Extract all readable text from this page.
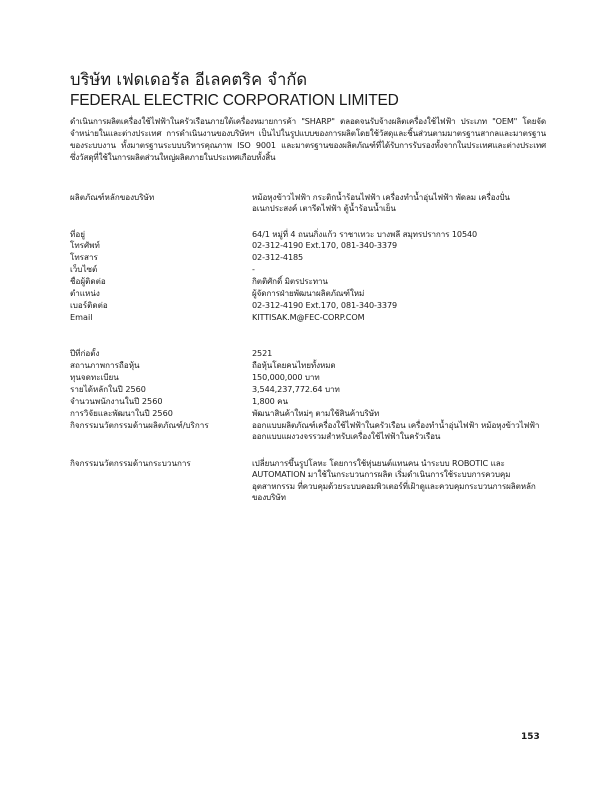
บริษัท เฟดเดอรัล อีเลคตริค จำกัด
FEDERAL ELECTRIC CORPORATION LIMITED
ดำเนินการผลิตเครื่องใช้ไฟฟ้าในครัวเรือนภายใต้เครื่องหมายการค้า "SHARP" ตลอดจนรับจ้างผลิตเครื่องใช้ไฟฟ้า ประเภท "OEM" โดยจัดจำหน่ายในและต่างประเทศ การดำเนินงานของบริษัทฯ เป็นไปในรูปแบบของการผลิตโดยใช้วัสดุและชิ้นส่วนตามมาตรฐานสากลและมาตรฐานของระบบงาน ทั้งมาตรฐานระบบบริหารคุณภาพ ISO 9001 และมาตรฐานของผลิตภัณฑ์ที่ได้รับการรับรองทั้งจากในประเทศและต่างประเทศ ซึ่งวัสดุที่ใช้ในการผลิตส่วนใหญ่ผลิตภายในประเทศเกือบทั้งสิ้น
ผลิตภัณฑ์หลักของบริษัท	หม้อหุงข้าวไฟฟ้า กระติกน้ำร้อนไฟฟ้า เครื่องทำน้ำอุ่นไฟฟ้า พัดลม เครื่องปั่นอเนกประสงค์ เตารีดไฟฟ้า ตู้น้ำร้อนน้ำเย็น
ที่อยู่	64/1 หมู่ที่ 4 ถนนกิ่งแก้ว ราชาเทวะ บางพลี สมุทรปราการ 10540
โทรศัพท์	02-312-4190 Ext.170, 081-340-3379
โทรสาร	02-312-4185
เว็บไซต์	-
ชื่อผู้ติดต่อ	กิตติศักดิ์ มิตรประทาน
ตำแหน่ง	ผู้จัดการฝ่ายพัฒนาผลิตภัณฑ์ใหม่
เบอร์ติดต่อ	02-312-4190 Ext.170, 081-340-3379
Email	KITTISAK.M@FEC-CORP.COM
ปีที่ก่อตั้ง	2521
สถานภาพการถือหุ้น	ถือหุ้นโดยคนไทยทั้งหมด
ทุนจดทะเบียน	150,000,000 บาท
รายได้หลักในปี 2560	3,544,237,772.64 บาท
จำนวนพนักงานในปี 2560	1,800 คน
การวิจัยและพัฒนาในปี 2560	พัฒนาสินค้าใหม่ๆ ตามใช้สินค้าบริษัท
กิจกรรมนวัตกรรมด้านผลิตภัณฑ์/บริการ	ออกแบบผลิตภัณฑ์เครื่องใช้ไฟฟ้าในครัวเรือน เครื่องทำน้ำอุ่นไฟฟ้า หม้อหุงข้าวไฟฟ้า ออกแบบแผงวงจรรวมสำหรับเครื่องใช้ไฟฟ้าในครัวเรือน
กิจกรรมนวัตกรรมด้านกระบวนการ	เปลี่ยนการขึ้นรูปโลหะ โดยการใช้หุ่นยนต์แทนคน นำระบบ ROBOTIC และ AUTOMATION มาใช้ในกระบวนการผลิต เริ่มดำเนินการใช้ระบบการควบคุมอุตสาหกรรม ที่ควบคุมด้วยระบบคอมพิวเตอร์ที่เฝ้าดูและควบคุมกระบวนการผลิตหลักของบริษัท
153
